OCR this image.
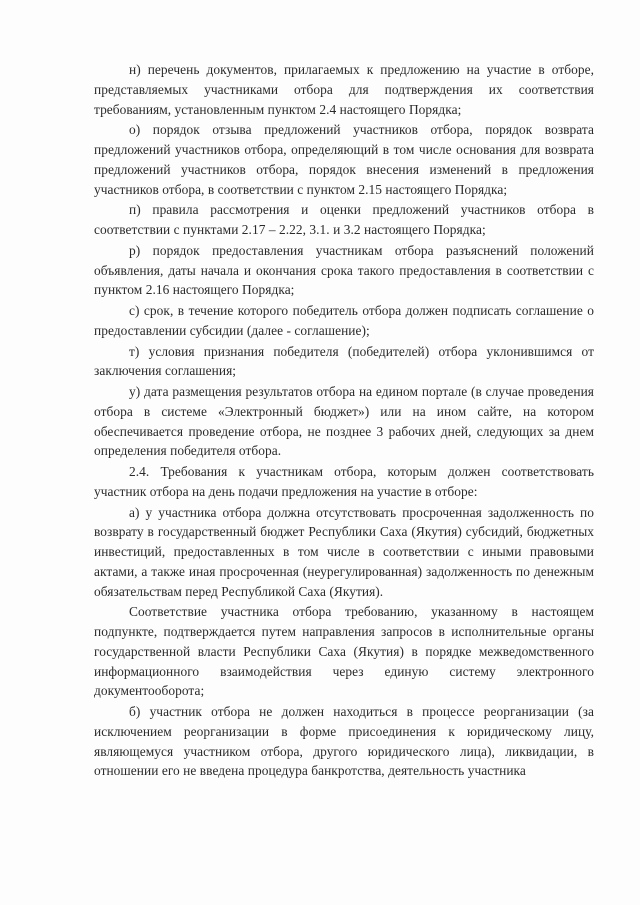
н) перечень документов, прилагаемых к предложению на участие в отборе, представляемых участниками отбора для подтверждения их соответствия требованиям, установленным пунктом 2.4 настоящего Порядка;

о) порядок отзыва предложений участников отбора, порядок возврата предложений участников отбора, определяющий в том числе основания для возврата предложений участников отбора, порядок внесения изменений в предложения участников отбора, в соответствии с пунктом 2.15 настоящего Порядка;

п) правила рассмотрения и оценки предложений участников отбора в соответствии с пунктами 2.17 – 2.22, 3.1. и 3.2 настоящего Порядка;

р) порядок предоставления участникам отбора разъяснений положений объявления, даты начала и окончания срока такого предоставления в соответствии с пунктом 2.16 настоящего Порядка;

с) срок, в течение которого победитель отбора должен подписать соглашение о предоставлении субсидии (далее - соглашение);

т) условия признания победителя (победителей) отбора уклонившимся от заключения соглашения;

у) дата размещения результатов отбора на едином портале (в случае проведения отбора в системе «Электронный бюджет») или на ином сайте, на котором обеспечивается проведение отбора, не позднее 3 рабочих дней, следующих за днем определения победителя отбора.

2.4. Требования к участникам отбора, которым должен соответствовать участник отбора на день подачи предложения на участие в отборе:

а) у участника отбора должна отсутствовать просроченная задолженность по возврату в государственный бюджет Республики Саха (Якутия) субсидий, бюджетных инвестиций, предоставленных в том числе в соответствии с иными правовыми актами, а также иная просроченная (неурегулированная) задолженность по денежным обязательствам перед Республикой Саха (Якутия).

Соответствие участника отбора требованию, указанному в настоящем подпункте, подтверждается путем направления запросов в исполнительные органы государственной власти Республики Саха (Якутия) в порядке межведомственного информационного взаимодействия через единую систему электронного документооборота;

б) участник отбора не должен находиться в процессе реорганизации (за исключением реорганизации в форме присоединения к юридическому лицу, являющемуся участником отбора, другого юридического лица), ликвидации, в отношении его не введена процедура банкротства, деятельность участника
